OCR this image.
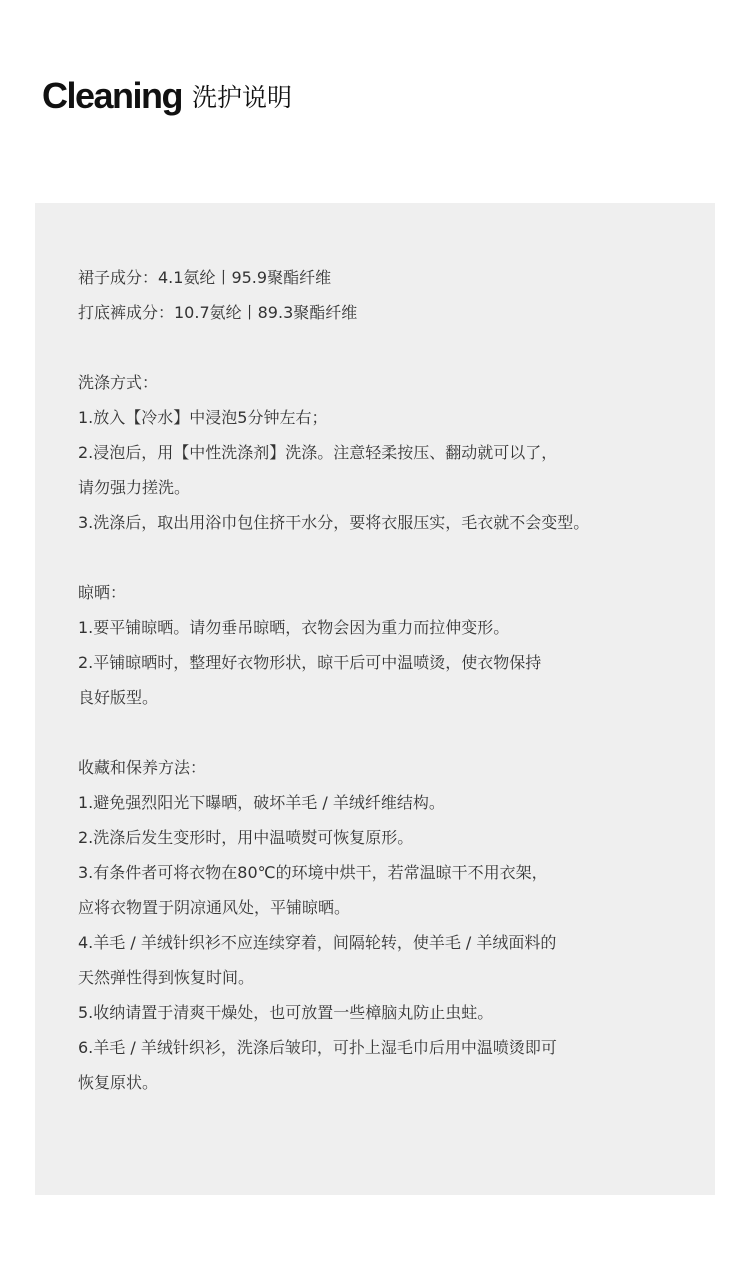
Cleaning 洗护说明
裙子成分：4.1氨纶丨95.9聚酯纤维
打底裤成分：10.7氨纶丨89.3聚酯纤维
洗涤方式：
1.放入【冷水】中浸泡5分钟左右；
2.浸泡后，用【中性洗涤剂】洗涤。注意轻柔按压、翻动就可以了，
请勿强力搓洗。
3.洗涤后，取出用浴巾包住挤干水分，要将衣服压实，毛衣就不会变型。
晾晒：
1.要平铺晾晒。请勿垂吊晾晒，衣物会因为重力而拉伸变形。
2.平铺晾晒时，整理好衣物形状，晾干后可中温喷烫，使衣物保持
良好版型。
收藏和保养方法：
1.避免强烈阳光下曝晒，破坏羊毛 / 羊绒纤维结构。
2.洗涤后发生变形时，用中温喷熨可恢复原形。
3.有条件者可将衣物在80℃的环境中烘干，若常温晾干不用衣架，
应将衣物置于阴凉通风处，平铺晾晒。
4.羊毛 / 羊绒针织衫不应连续穿着，间隔轮转，使羊毛 / 羊绒面料的
天然弹性得到恢复时间。
5.收纳请置于清爽干燥处，也可放置一些樟脑丸防止虫蛀。
6.羊毛 / 羊绒针织衫，洗涤后皱印，可扑上湿毛巾后用中温喷烫即可
恢复原状。
